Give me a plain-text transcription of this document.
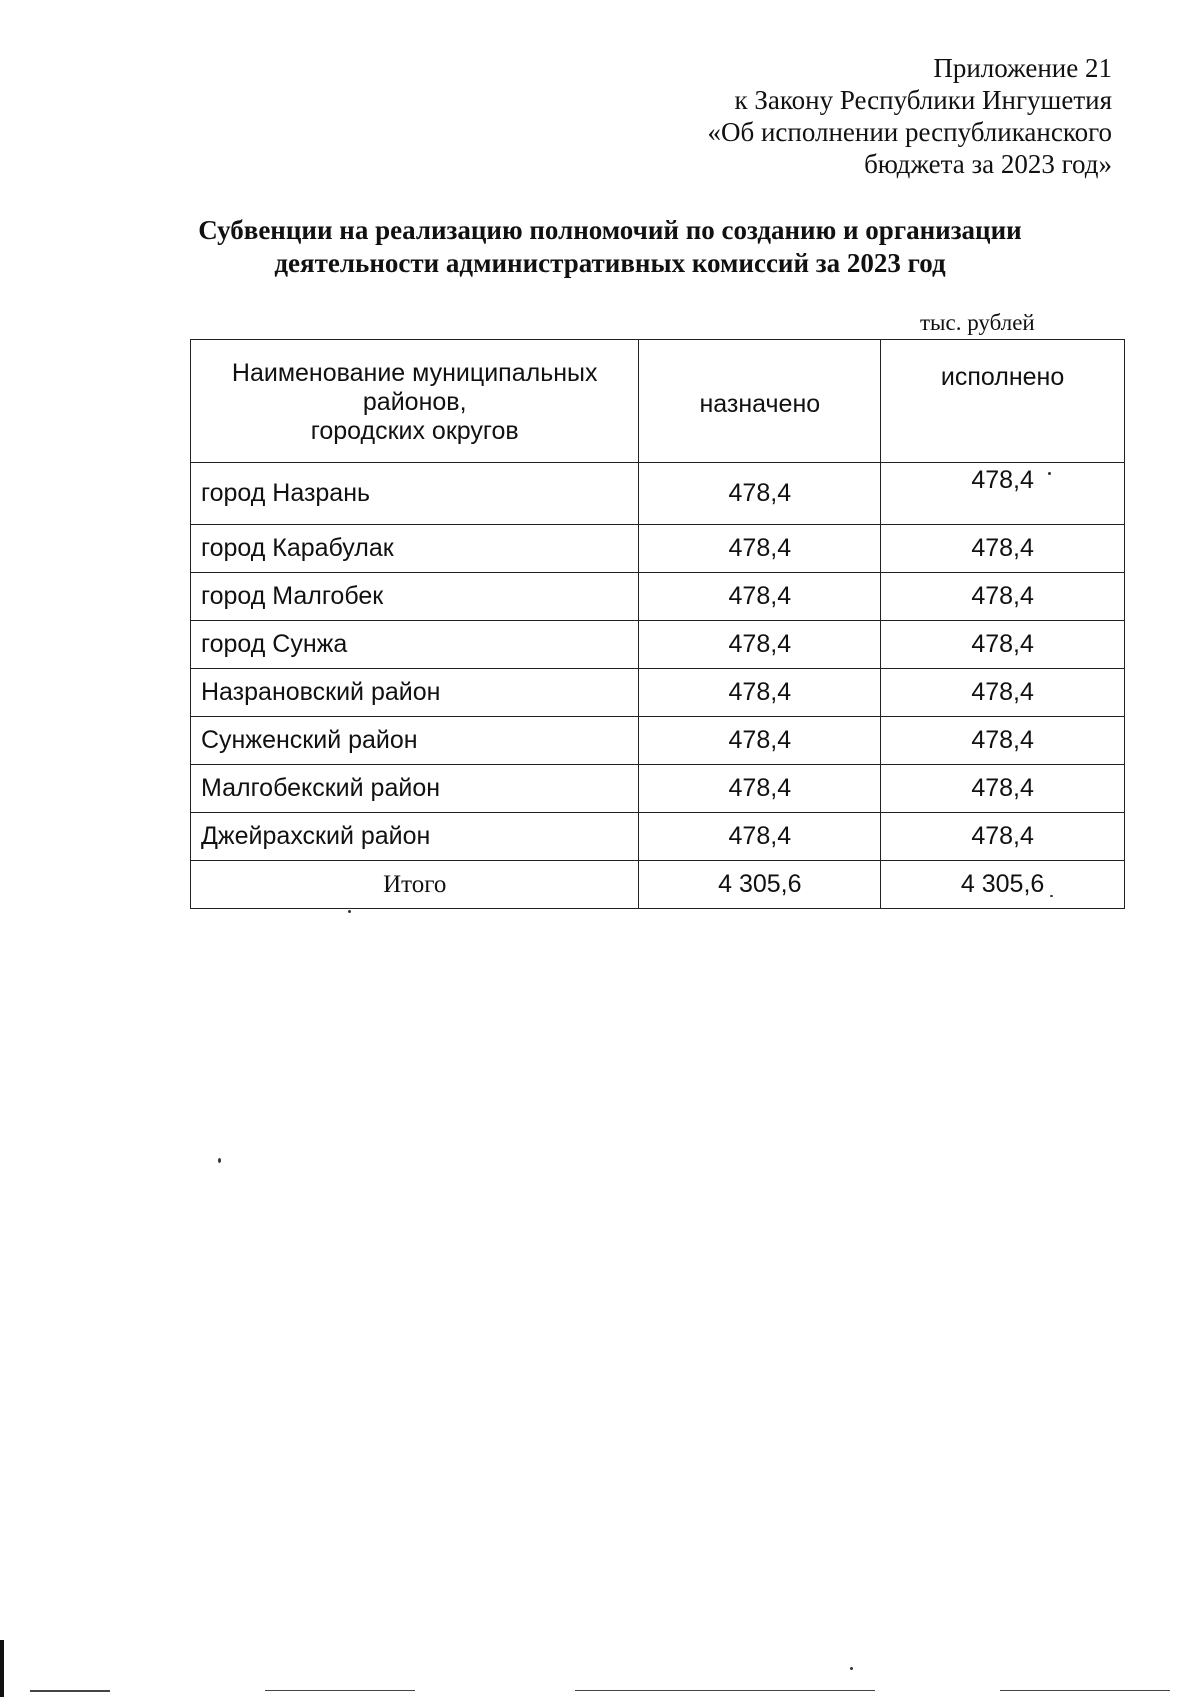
Приложение 21
к Закону Республики Ингушетия
«Об исполнении республиканского
бюджета за 2023 год»
Субвенции на реализацию полномочий по созданию и организации
деятельности административных комиссий за 2023 год
тыс. рублей
Наименование муниципальных
районов,
городских округов	назначено	исполнено
город Назрань	478,4	478,4
город Карабулак	478,4	478,4
город Малгобек	478,4	478,4
город Сунжа	478,4	478,4
Назрановский район	478,4	478,4
Сунженский район	478,4	478,4
Малгобекский район	478,4	478,4
Джейрахский район	478,4	478,4
Итого	4 305,6	4 305,6
